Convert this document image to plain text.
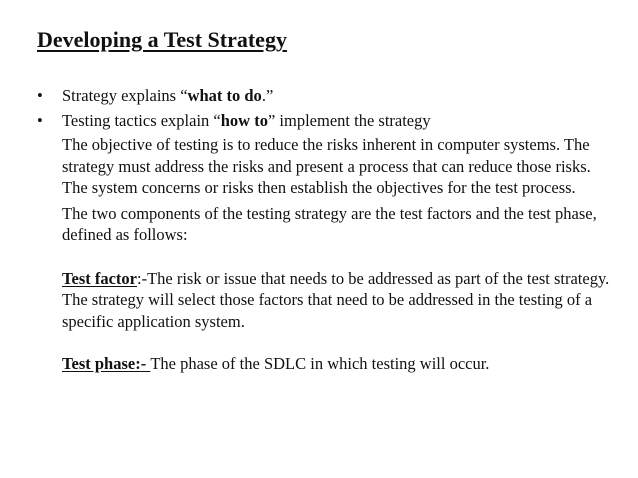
Developing a Test Strategy
• Strategy explains “what to do.”
• Testing tactics explain “how to” implement the strategy

The objective of testing is to reduce the risks inherent in computer systems. The strategy must address the risks and present a process that can reduce those risks. The system concerns or risks then establish the objectives for the test process.

The two components of the testing strategy are the test factors and the test phase, defined as follows:

Test factor:-The risk or issue that needs to be addressed as part of the test strategy. The strategy will select those factors that need to be addressed in the testing of a specific application system.

Test phase:- The phase of the SDLC in which testing will occur.
